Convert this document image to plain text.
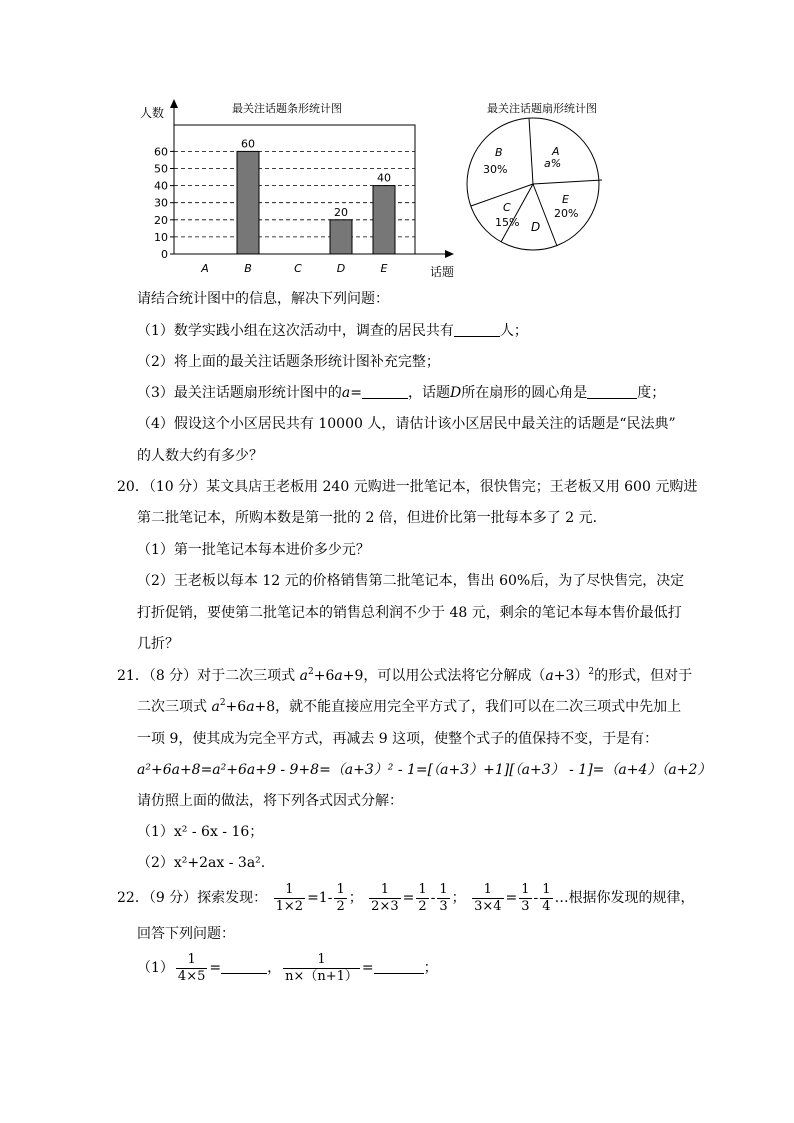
最关注话题条形统计图
人数
话题
0
10
20
30
40
50
60
60
20
40
A	B	C	D	E
最关注话题扇形统计图
A
a%
B
30%
C
15% D
E
20%
请结合统计图中的信息，解决下列问题：
（1）数学实践小组在这次活动中，调查的居民共有	人；
（2）将上面的最关注话题条形统计图补充完整；
（3）最关注话题扇形统计图中的a=	，话题D所在扇形的圆心角是	度；
（4）假设这个小区居民共有 10000 人，请估计该小区居民中最关注的话题是“民法典”
的人数大约有多少？
20．（10 分）某文具店王老板用 240 元购进一批笔记本，很快售完；王老板又用 600 元购进
第二批笔记本，所购本数是第一批的 2 倍，但进价比第一批每本多了 2 元．
（1）第一批笔记本每本进价多少元？
（2）王老板以每本 12 元的价格销售第二批笔记本，售出 60%后，为了尽快售完，决定
打折促销，要使第二批笔记本的销售总利润不少于 48 元，剩余的笔记本每本售价最低打
几折？
21．（8 分）对于二次三项式 $a^2+6a+9$，可以用公式法将它分解成$(a+3)^2$的形式，但对于
二次三项式 $a^2+6a+8$，就不能直接应用完全平方式了，我们可以在二次三项式中先加上
一项 9，使其成为完全平方式，再减去 9 这项，使整个式子的值保持不变，于是有：
a²+6a+8=a²+6a+9 - 9+8=（a+3）² - 1=[（a+3）+1][（a+3） - 1]=（a+4）（a+2）
请仿照上面的做法，将下列各式因式分解：
（1）x² - 6x - 16；
（2）x²+2ax - 3a².
22．（9 分）探索发现： $\frac{1}{1\times 2} =1- \frac{1}{2}$ ； $\frac{1}{2\times 3} = \frac{1}{2} - \frac{1}{3}$ ； $\frac{1}{3\times 4} = \frac{1}{3} - \frac{1}{4}$ …根据你发现的规律，
回答下列问题：
$(1) \frac{1}{4\times 5}$ =	， $\frac{1}{n\times(n+1)}$ =	；
